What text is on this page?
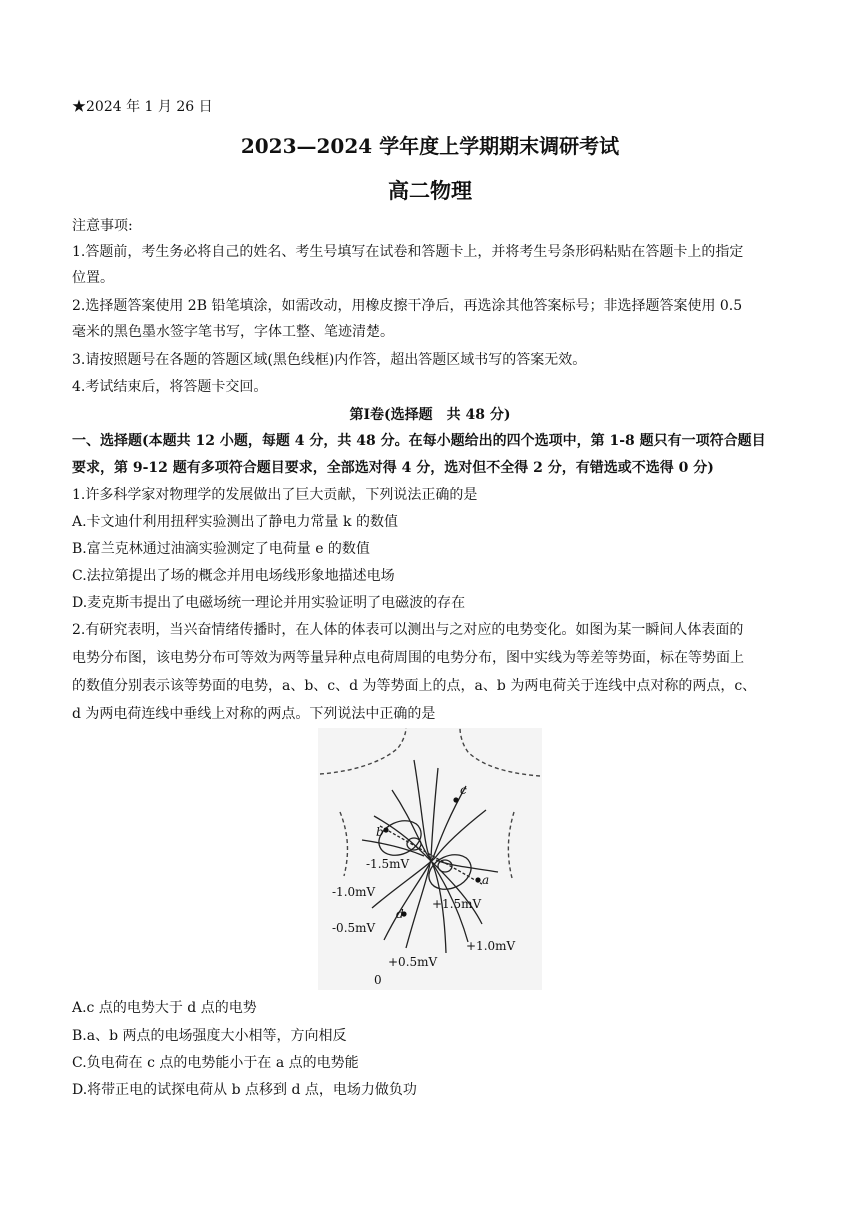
★2024 年 1 月 26 日
2023—2024 学年度上学期期末调研考试
高二物理
注意事项:
1.答题前，考生务必将自己的姓名、考生号填写在试卷和答题卡上，并将考生号条形码粘贴在答题卡上的指定
位置。
2.选择题答案使用 2B 铅笔填涂，如需改动，用橡皮擦干净后，再选涂其他答案标号；非选择题答案使用 0.5
毫米的黑色墨水签字笔书写，字体工整、笔迹清楚。
3.请按照题号在各题的答题区域(黑色线框)内作答，超出答题区域书写的答案无效。
4.考试结束后，将答题卡交回。
第Ⅰ卷(选择题　共 48 分)
一、选择题(本题共 12 小题，每题 4 分，共 48 分。在每小题给出的四个选项中，第 1-8 题只有一项符合题目
要求，第 9-12 题有多项符合题目要求，全部选对得 4 分，选对但不全得 2 分，有错选或不选得 0 分)
1.许多科学家对物理学的发展做出了巨大贡献，下列说法正确的是
A.卡文迪什利用扭秤实验测出了静电力常量 k 的数值
B.富兰克林通过油滴实验测定了电荷量 e 的数值
C.法拉第提出了场的概念并用电场线形象地描述电场
D.麦克斯韦提出了电磁场统一理论并用实验证明了电磁波的存在
2.有研究表明，当兴奋情绪传播时，在人体的体表可以测出与之对应的电势变化。如图为某一瞬间人体表面的
电势分布图，该电势分布可等效为两等量异种点电荷周围的电势分布，图中实线为等差等势面，标在等势面上
的数值分别表示该等势面的电势，a、b、c、d 为等势面上的点，a、b 为两电荷关于连线中点对称的两点，c、
d 为两电荷连线中垂线上对称的两点。下列说法中正确的是
c
b
a
d
-1.5mV
-1.0mV
-0.5mV
+1.5mV
+1.0mV
+0.5mV
0
A.c 点的电势大于 d 点的电势
B.a、b 两点的电场强度大小相等，方向相反
C.负电荷在 c 点的电势能小于在 a 点的电势能
D.将带正电的试探电荷从 b 点移到 d 点，电场力做负功
